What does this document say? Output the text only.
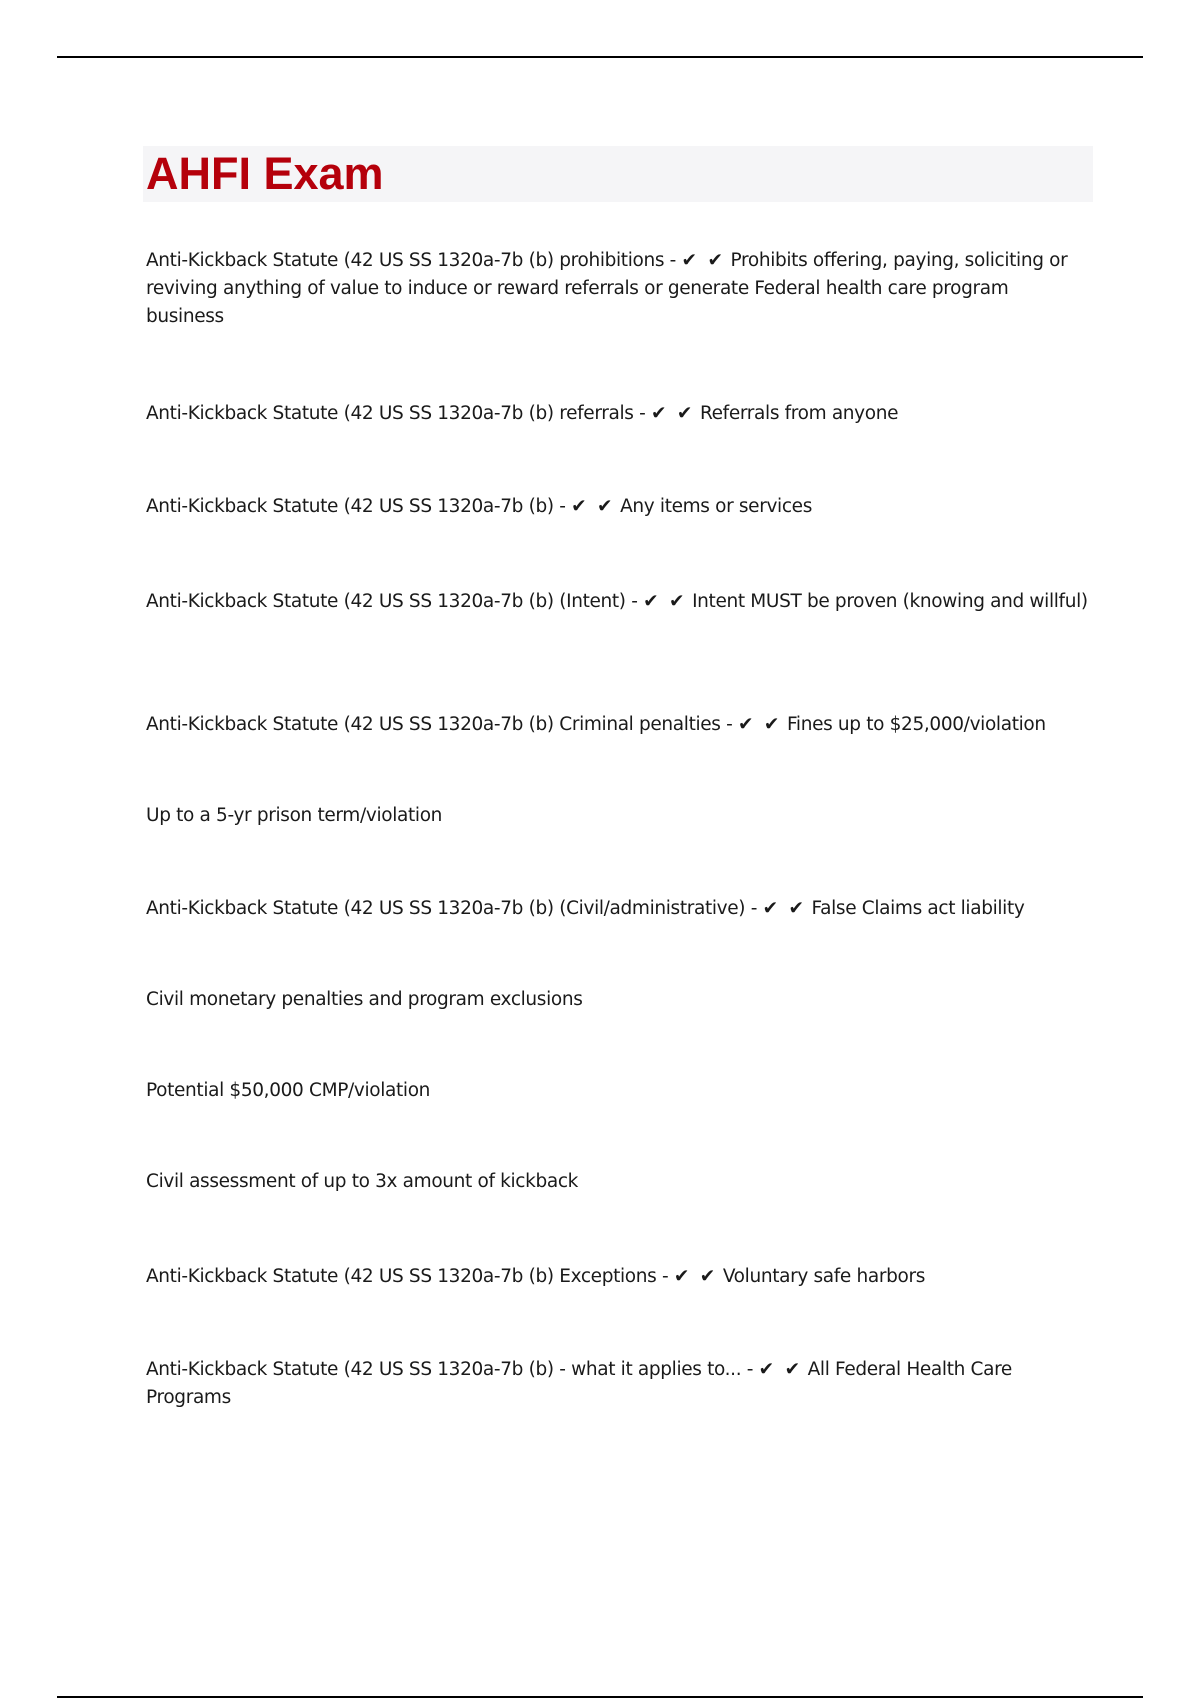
AHFI Exam

Anti-Kickback Statute (42 US SS 1320a-7b (b) prohibitions - ✔ ✔ Prohibits offering, paying, soliciting or reviving anything of value to induce or reward referrals or generate Federal health care program business

Anti-Kickback Statute (42 US SS 1320a-7b (b) referrals - ✔ ✔ Referrals from anyone

Anti-Kickback Statute (42 US SS 1320a-7b (b) - ✔ ✔ Any items or services

Anti-Kickback Statute (42 US SS 1320a-7b (b) (Intent) - ✔ ✔ Intent MUST be proven (knowing and willful)

Anti-Kickback Statute (42 US SS 1320a-7b (b) Criminal penalties - ✔ ✔ Fines up to $25,000/violation

Up to a 5-yr prison term/violation

Anti-Kickback Statute (42 US SS 1320a-7b (b) (Civil/administrative) - ✔ ✔ False Claims act liability

Civil monetary penalties and program exclusions

Potential $50,000 CMP/violation

Civil assessment of up to 3x amount of kickback

Anti-Kickback Statute (42 US SS 1320a-7b (b) Exceptions - ✔ ✔ Voluntary safe harbors

Anti-Kickback Statute (42 US SS 1320a-7b (b) - what it applies to... - ✔ ✔ All Federal Health Care Programs
